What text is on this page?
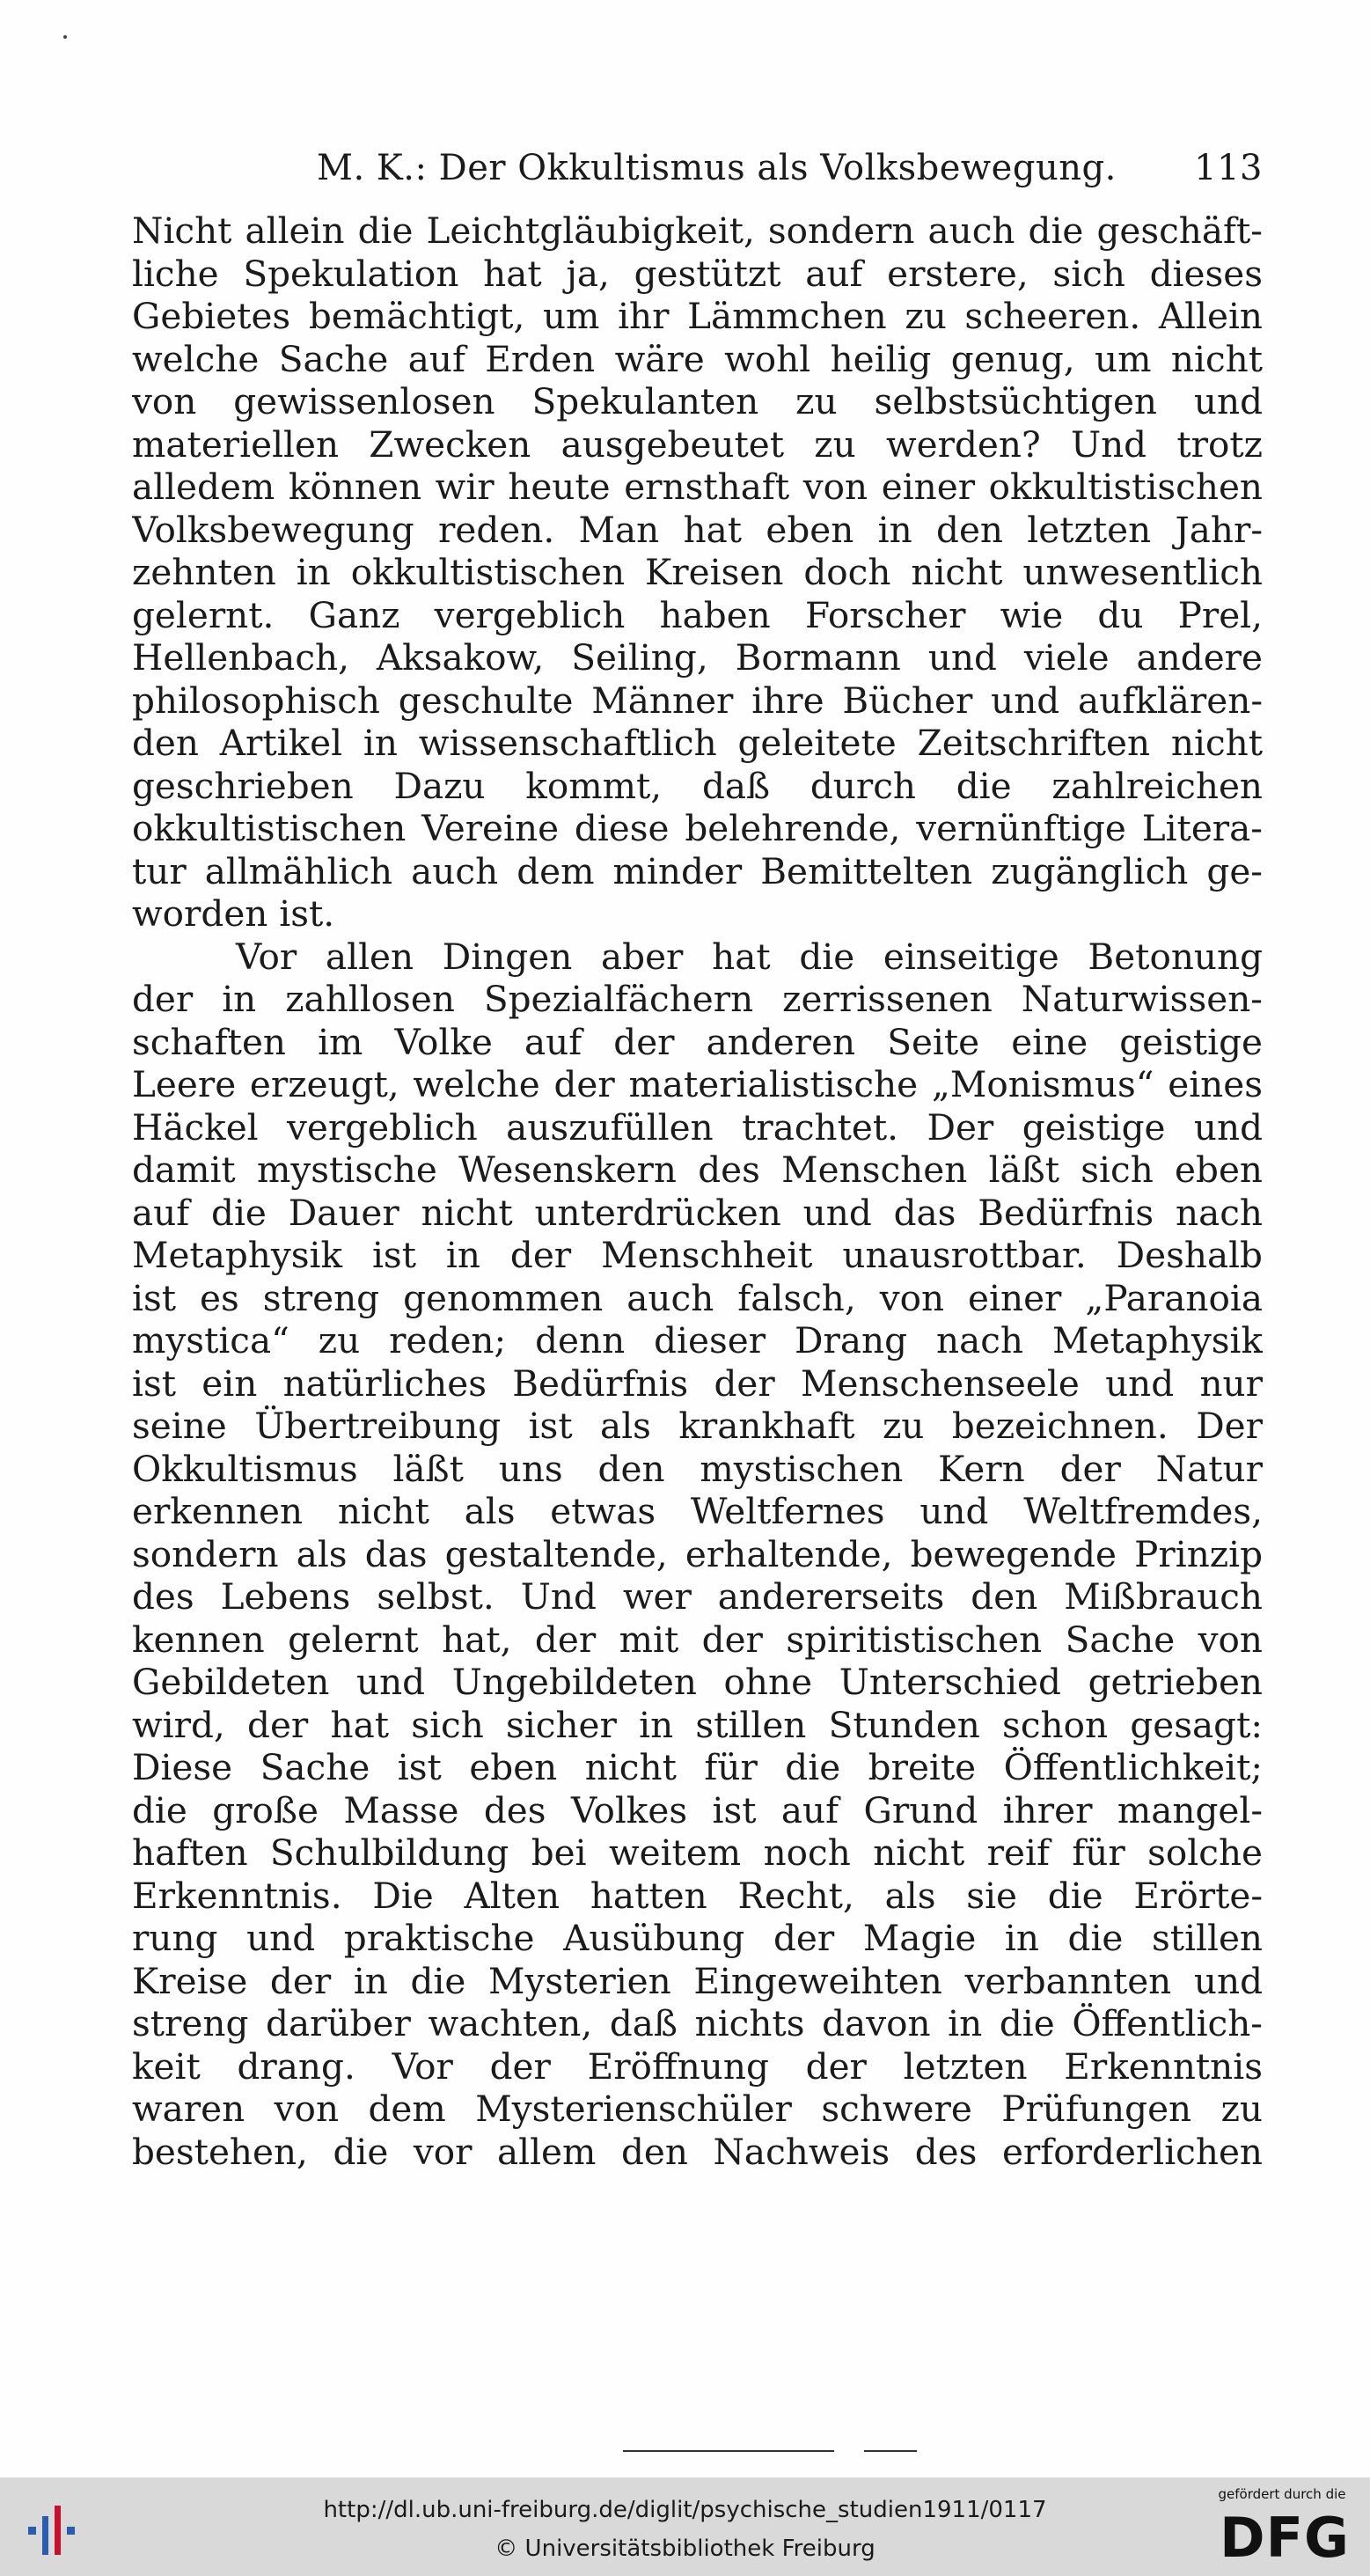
M. K.: Der Okkultismus als Volksbewegung. 113
Nicht allein die Leichtgläubigkeit, sondern auch die geschäft-
liche Spekulation hat ja, gestützt auf erstere, sich dieses
Gebietes bemächtigt, um ihr Lämmchen zu scheeren. Allein
welche Sache auf Erden wäre wohl heilig genug, um nicht
von gewissenlosen Spekulanten zu selbstsüchtigen und
materiellen Zwecken ausgebeutet zu werden? Und trotz
alledem können wir heute ernsthaft von einer okkultistischen
Volksbewegung reden. Man hat eben in den letzten Jahr-
zehnten in okkultistischen Kreisen doch nicht unwesentlich
gelernt. Ganz vergeblich haben Forscher wie du Prel,
Hellenbach, Aksakow, Seiling, Bormann und viele andere
philosophisch geschulte Männer ihre Bücher und aufklären-
den Artikel in wissenschaftlich geleitete Zeitschriften nicht
geschrieben Dazu kommt, daß durch die zahlreichen
okkultistischen Vereine diese belehrende, vernünftige Litera-
tur allmählich auch dem minder Bemittelten zugänglich ge-
worden ist.
Vor allen Dingen aber hat die einseitige Betonung
der in zahllosen Spezialfächern zerrissenen Naturwissen-
schaften im Volke auf der anderen Seite eine geistige
Leere erzeugt, welche der materialistische „Monismus“ eines
Häckel vergeblich auszufüllen trachtet. Der geistige und
damit mystische Wesenskern des Menschen läßt sich eben
auf die Dauer nicht unterdrücken und das Bedürfnis nach
Metaphysik ist in der Menschheit unausrottbar. Deshalb
ist es streng genommen auch falsch, von einer „Paranoia
mystica“ zu reden; denn dieser Drang nach Metaphysik
ist ein natürliches Bedürfnis der Menschenseele und nur
seine Übertreibung ist als krankhaft zu bezeichnen. Der
Okkultismus läßt uns den mystischen Kern der Natur
erkennen nicht als etwas Weltfernes und Weltfremdes,
sondern als das gestaltende, erhaltende, bewegende Prinzip
des Lebens selbst. Und wer andererseits den Mißbrauch
kennen gelernt hat, der mit der spiritistischen Sache von
Gebildeten und Ungebildeten ohne Unterschied getrieben
wird, der hat sich sicher in stillen Stunden schon gesagt:
Diese Sache ist eben nicht für die breite Öffentlichkeit;
die große Masse des Volkes ist auf Grund ihrer mangel-
haften Schulbildung bei weitem noch nicht reif für solche
Erkenntnis. Die Alten hatten Recht, als sie die Erörte-
rung und praktische Ausübung der Magie in die stillen
Kreise der in die Mysterien Eingeweihten verbannten und
streng darüber wachten, daß nichts davon in die Öffentlich-
keit drang. Vor der Eröffnung der letzten Erkenntnis
waren von dem Mysterienschüler schwere Prüfungen zu
bestehen, die vor allem den Nachweis des erforderlichen
http://dl.ub.uni-freiburg.de/diglit/psychische_studien1911/0117
© Universitätsbibliothek Freiburg
gefördert durch die
DFG
